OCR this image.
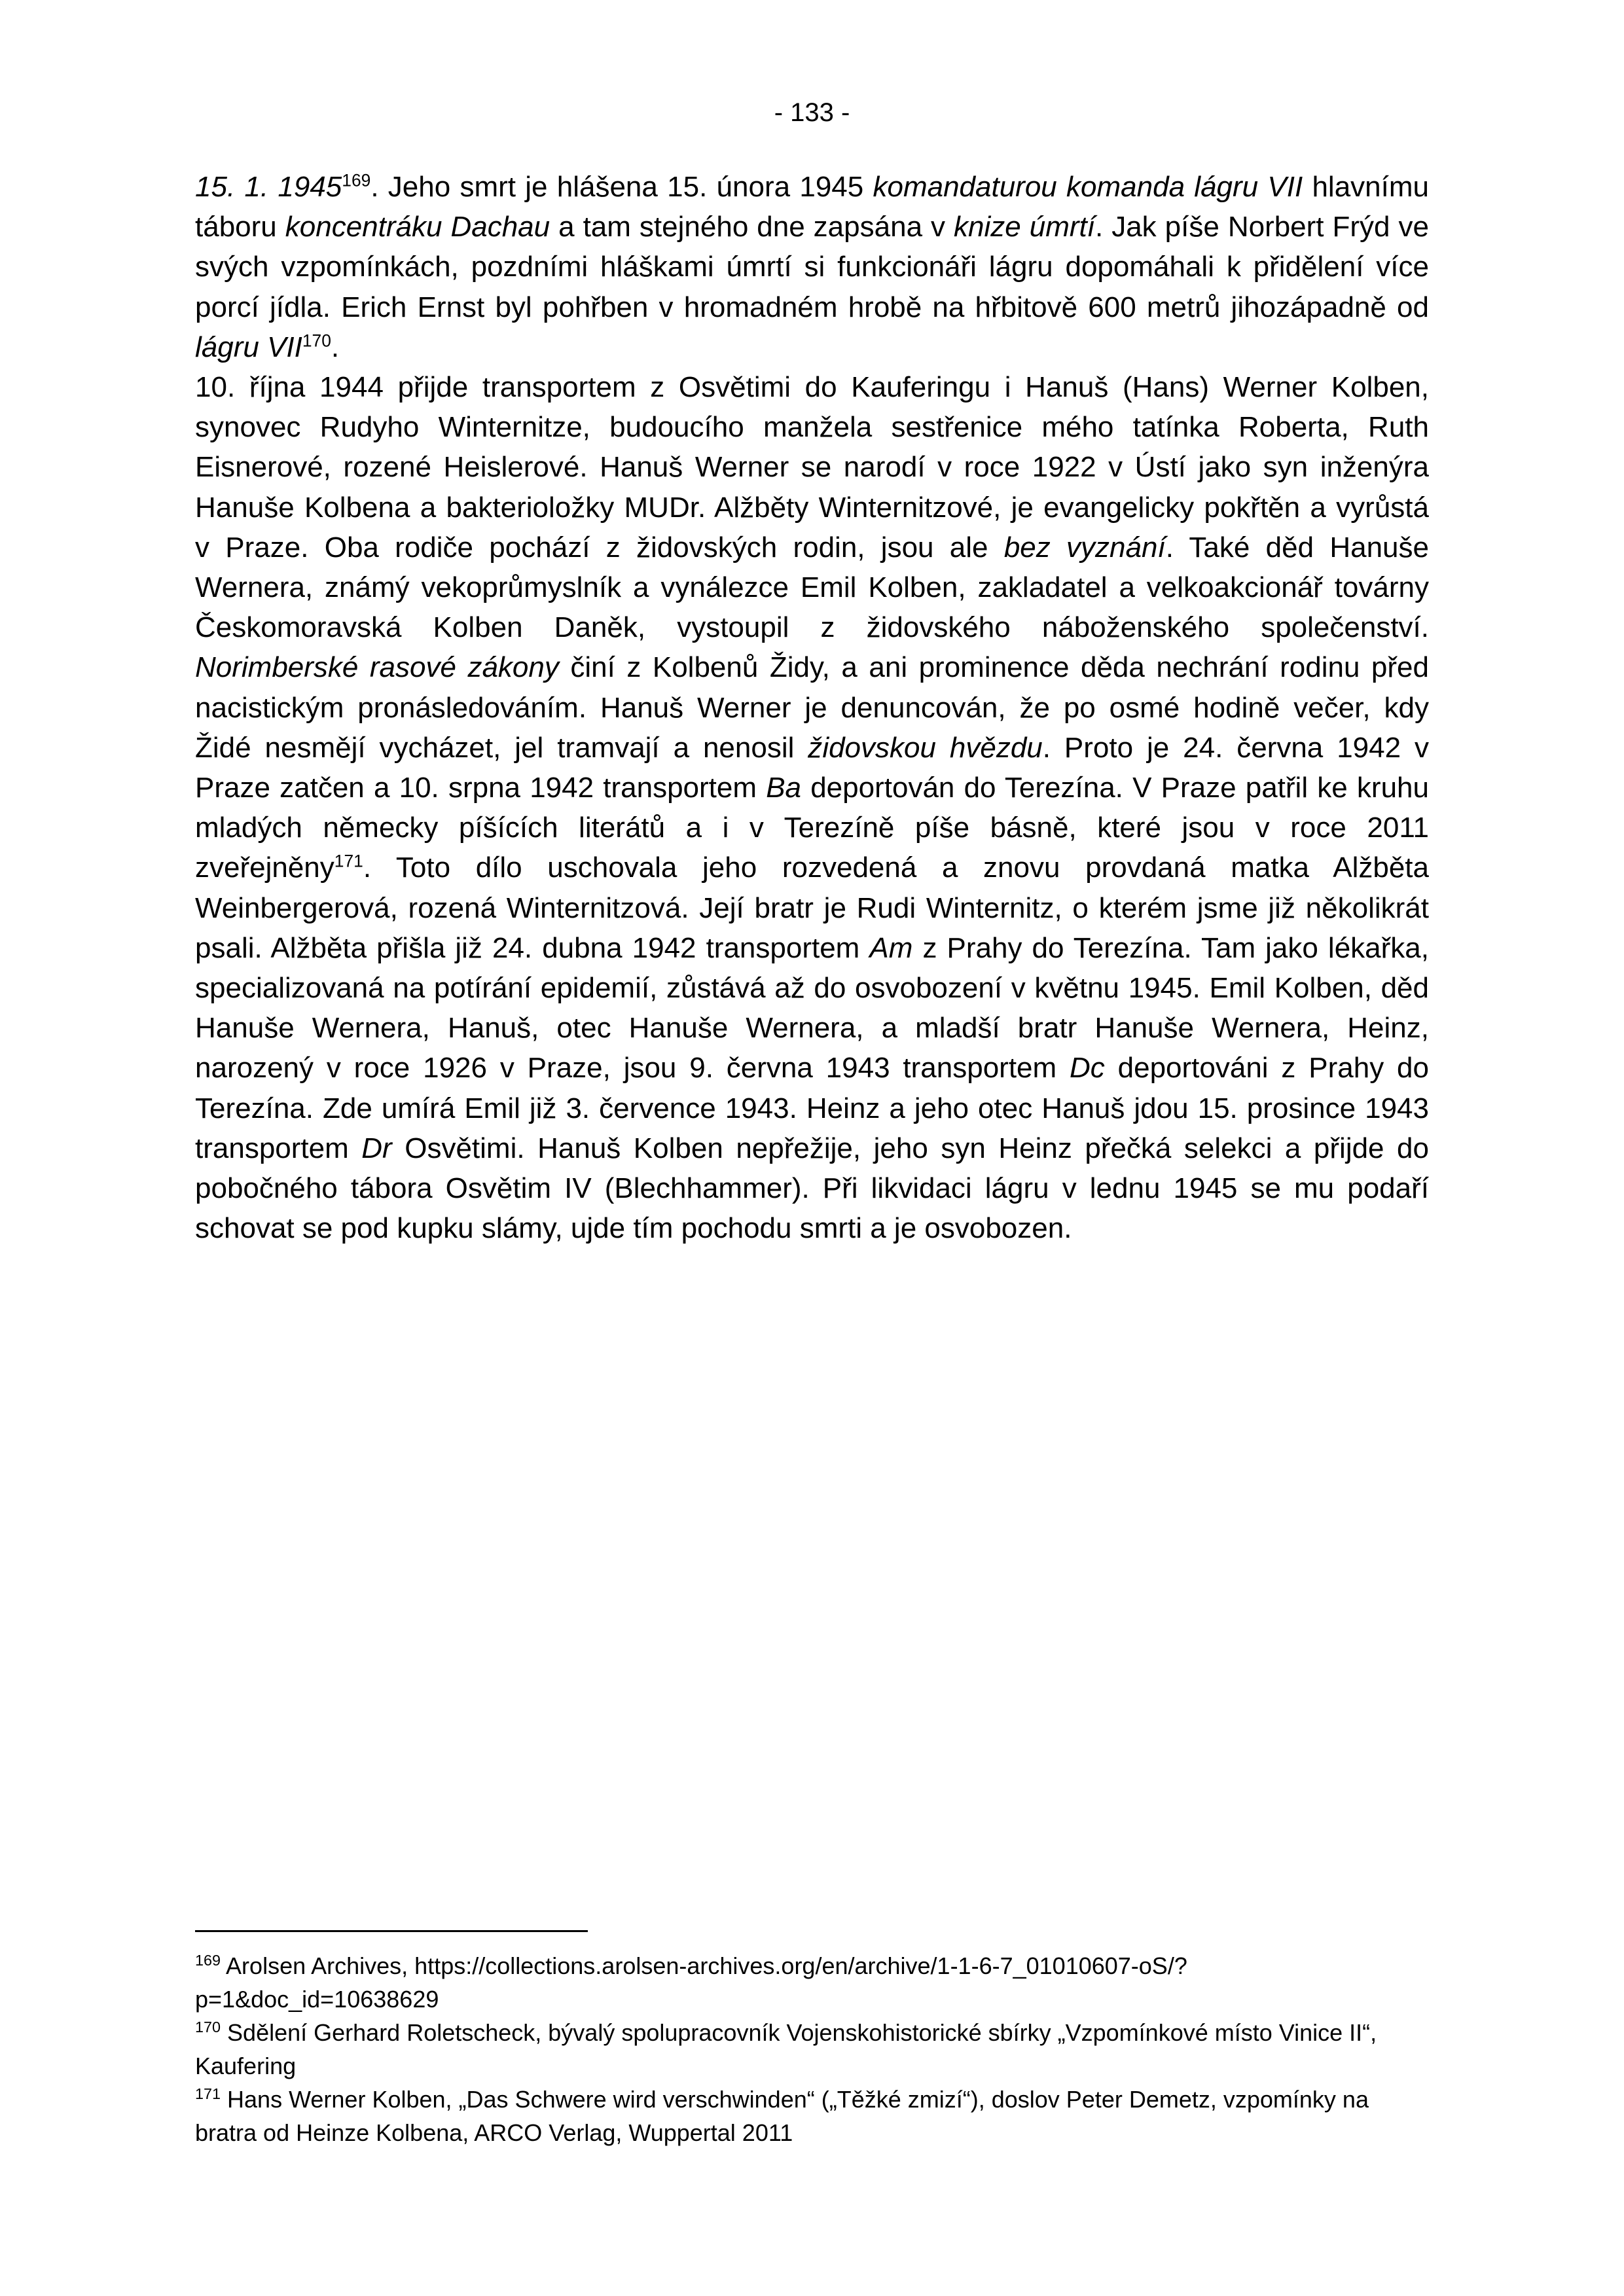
- 133 -

15. 1. 1945$^{169}$. Jeho smrt je hlášena 15. února 1945 komandaturou komanda lágru VII hlavnímu táboru koncentráku Dachau a tam stejného dne zapsána v knize úmrtí. Jak píše Norbert Frýd ve svých vzpomínkách, pozdními hláškami úmrtí si funkcionáři lágru dopomáhali k přidělení více porcí jídla. Erich Ernst byl pohřben v hromadném hrobě na hřbitově 600 metrů jihozápadně od lágru VII$^{170}$.

10. října 1944 přijde transportem z Osvětimi do Kauferingu i Hanuš (Hans) Werner Kolben, synovec Rudyho Winternitze, budoucího manžela sestřenice mého tatínka Roberta, Ruth Eisnerové, rozené Heislerové. Hanuš Werner se narodí v roce 1922 v Ústí jako syn inženýra Hanuše Kolbena a bakterioložky MUDr. Alžběty Winternitzové, je evangelicky pokřtěn a vyrůstá v Praze. Oba rodiče pochází z židovských rodin, jsou ale bez vyznání. Také děd Hanuše Wernera, známý vekoprůmyslník a vynálezce Emil Kolben, zakladatel a velkoakcionář továrny Českomoravská Kolben Daněk, vystoupil z židovského náboženského společenství. Norimberské rasové zákony činí z Kolbenů Židy, a ani prominence děda nechrání rodinu před nacistickým pronásledováním. Hanuš Werner je denuncován, že po osmé hodině večer, kdy Židé nesmějí vycházet, jel tramvají a nenosil židovskou hvězdu. Proto je 24. června 1942 v Praze zatčen a 10. srpna 1942 transportem Ba deportován do Terezína. V Praze patřil ke kruhu mladých německy píšících literátů a i v Terezíně píše básně, které jsou v roce 2011 zveřejněny$^{171}$. Toto dílo uschovala jeho rozvedená a znovu provdaná matka Alžběta Weinbergerová, rozená Winternitzová. Její bratr je Rudi Winternitz, o kterém jsme již několikrát psali. Alžběta přišla již 24. dubna 1942 transportem Am z Prahy do Terezína. Tam jako lékařka, specializovaná na potírání epidemií, zůstává až do osvobození v květnu 1945. Emil Kolben, děd Hanuše Wernera, Hanuš, otec Hanuše Wernera, a mladší bratr Hanuše Wernera, Heinz, narozený v roce 1926 v Praze, jsou 9. června 1943 transportem Dc deportováni z Prahy do Terezína. Zde umírá Emil již 3. července 1943. Heinz a jeho otec Hanuš jdou 15. prosince 1943 transportem Dr Osvětimi. Hanuš Kolben nepřežije, jeho syn Heinz přečká selekci a přijde do pobočného tábora Osvětim IV (Blechhammer). Při likvidaci lágru v lednu 1945 se mu podaří schovat se pod kupku slámy, ujde tím pochodu smrti a je osvobozen.

$^{169}$ Arolsen Archives, https://collections.arolsen-archives.org/en/archive/1-1-6-7_01010607-oS/?p=1&doc_id=10638629

$^{170}$ Sdělení Gerhard Roletscheck, bývalý spolupracovník Vojenskohistorické sbírky „Vzpomínkové místo Vinice II“, Kaufering

$^{171}$ Hans Werner Kolben, „Das Schwere wird verschwinden“ („Těžké zmizí“), doslov Peter Demetz, vzpomínky na bratra od Heinze Kolbena, ARCO Verlag, Wuppertal 2011
